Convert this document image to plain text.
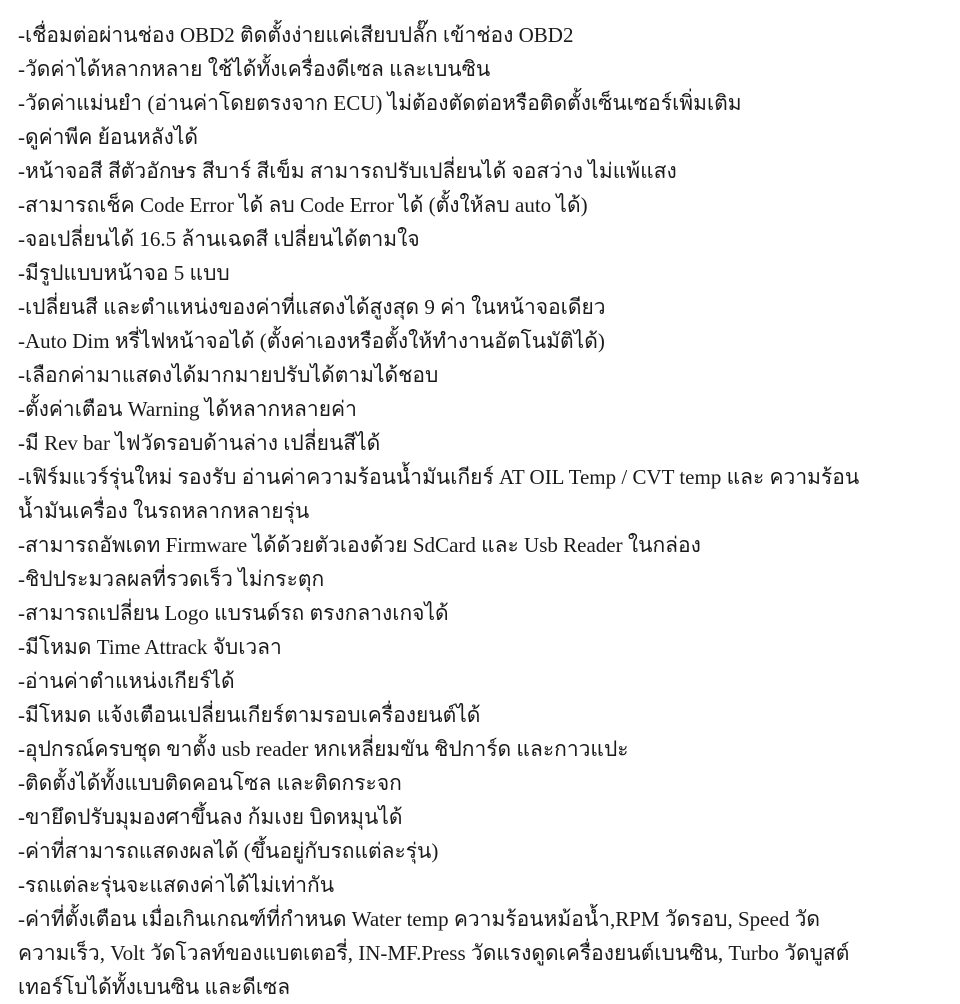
-เชื่อมต่อผ่านช่อง OBD2 ติดตั้งง่ายแค่เสียบปลั๊ก เข้าช่อง OBD2
-วัดค่าได้หลากหลาย ใช้ได้ทั้งเครื่องดีเซล และเบนซิน
-วัดค่าแม่นยำ (อ่านค่าโดยตรงจาก ECU) ไม่ต้องตัดต่อหรือติดตั้งเซ็นเซอร์เพิ่มเติม
-ดูค่าพีค ย้อนหลังได้
-หน้าจอสี สีตัวอักษร สีบาร์ สีเข็ม สามารถปรับเปลี่ยนได้ จอสว่าง ไม่แพ้แสง
-สามารถเช็ค Code Error ได้ ลบ Code Error ได้ (ตั้งให้ลบ auto ได้)
-จอเปลี่ยนได้ 16.5 ล้านเฉดสี เปลี่ยนได้ตามใจ
-มีรูปแบบหน้าจอ 5 แบบ
-เปลี่ยนสี และตำแหน่งของค่าที่แสดงได้สูงสุด 9 ค่า ในหน้าจอเดียว
-Auto Dim หรี่ไฟหน้าจอได้ (ตั้งค่าเองหรือตั้งให้ทำงานอัตโนมัติได้)
-เลือกค่ามาแสดงได้มากมายปรับได้ตามได้ชอบ
-ตั้งค่าเตือน Warning ได้หลากหลายค่า
-มี Rev bar ไฟวัดรอบด้านล่าง เปลี่ยนสีได้
-เฟิร์มแวร์รุ่นใหม่ รองรับ อ่านค่าความร้อนน้ำมันเกียร์ AT OIL Temp / CVT temp และ ความร้อนน้ำมันเครื่อง ในรถหลากหลายรุ่น
-สามารถอัพเดท Firmware ได้ด้วยตัวเองด้วย SdCard และ Usb Reader ในกล่อง
-ชิปประมวลผลที่รวดเร็ว ไม่กระตุก
-สามารถเปลี่ยน Logo แบรนด์รถ ตรงกลางเกจได้
-มีโหมด Time Attrack จับเวลา
-อ่านค่าตำแหน่งเกียร์ได้
-มีโหมด แจ้งเตือนเปลี่ยนเกียร์ตามรอบเครื่องยนต์ได้
-อุปกรณ์ครบชุด ขาตั้ง usb reader หกเหลี่ยมขัน ชิปการ์ด และกาวแปะ
-ติดตั้งได้ทั้งแบบติดคอนโซล และติดกระจก
-ขายึดปรับมุมองศาขึ้นลง ก้มเงย บิดหมุนได้
-ค่าที่สามารถแสดงผลได้ (ขึ้นอยู่กับรถแต่ละรุ่น)
-รถแต่ละรุ่นจะแสดงค่าได้ไม่เท่ากัน
-ค่าที่ตั้งเตือน เมื่อเกินเกณฑ์ที่กำหนด Water temp ความร้อนหม้อน้ำ,RPM วัดรอบ, Speed วัดความเร็ว, Volt วัดโวลท์ของแบตเตอรี่, IN-MF.Press วัดแรงดูดเครื่องยนต์เบนซิน, Turbo วัดบูสต์เทอร์โบได้ทั้งเบนซิน และดีเซล
